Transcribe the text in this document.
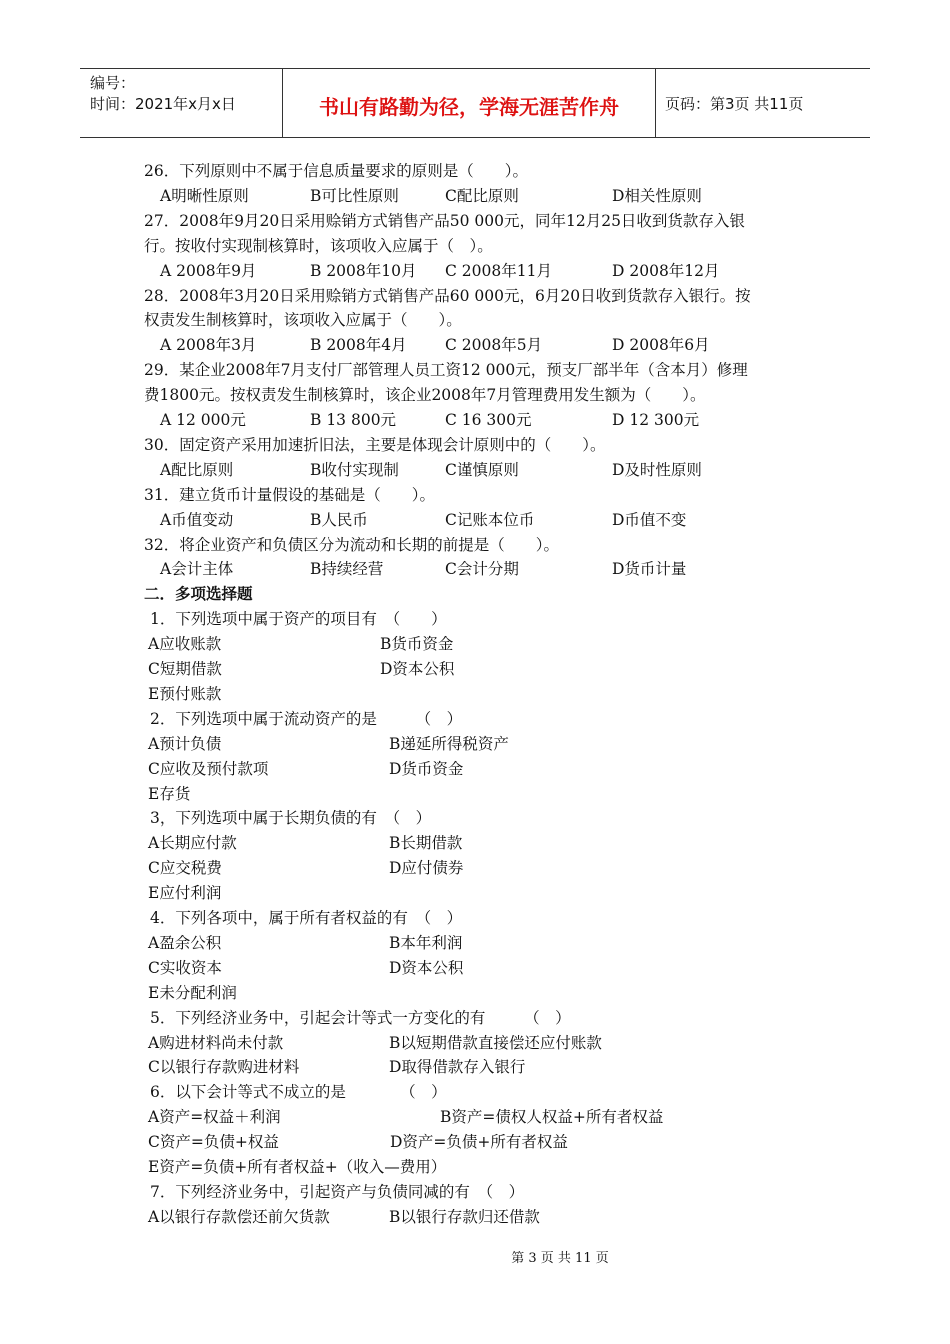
编号：
时间：2021年x月x日	书山有路勤为径，学海无涯苦作舟	页码：第3页 共11页
26．下列原则中不属于信息质量要求的原则是（　　）。
A明晰性原则	B可比性原则	C配比原则	D相关性原则
27．2008年9月20日采用赊销方式销售产品50 000元，同年12月25日收到货款存入银
行。按收付实现制核算时，该项收入应属于（　）。
A 2008年9月	B 2008年10月 C 2008年11月	D 2008年12月
28．2008年3月20日采用赊销方式销售产品60 000元，6月20日收到货款存入银行。按
权责发生制核算时，该项收入应属于（　　）。
A 2008年3月	B 2008年4月 C 2008年5月	D 2008年6月
29．某企业2008年7月支付厂部管理人员工资12 000元，预支厂部半年（含本月）修理
费1800元。按权责发生制核算时，该企业2008年7月管理费用发生额为（　　）。
A 12 000元	B 13 800元	C 16 300元	D 12 300元
30．固定资产采用加速折旧法，主要是体现会计原则中的（　　）。
A配比原则	B收付实现制	C谨慎原则	D及时性原则
31．建立货币计量假设的基础是（　　）。
A币值变动	B人民币	C记账本位币	D币值不变
32．将企业资产和负债区分为流动和长期的前提是（　　）。
A会计主体	B持续经营	C会计分期	D货币计量
二．多项选择题
1．下列选项中属于资产的项目有　（　　）
A应收账款	B货币资金
C短期借款	D资本公积
E预付账款
2．下列选项中属于流动资产的是　　　（　）
A预计负债	B递延所得税资产
C应收及预付款项	D货币资金
E存货
3，下列选项中属于长期负债的有　（　）
A长期应付款	B长期借款
C应交税费	D应付债券
E应付利润
4．下列各项中，属于所有者权益的有　（　）
A盈余公积	B本年利润
C实收资本	D资本公积
E未分配利润
5．下列经济业务中，引起会计等式一方变化的有　　　（　）
A购进材料尚未付款	B以短期借款直接偿还应付账款
C以银行存款购进材料	D取得借款存入银行
6．以下会计等式不成立的是　　　　（　）
A资产=权益＋利润	B资产=债权人权益+所有者权益
C资产=负债+权益	D资产=负债+所有者权益
E资产=负债+所有者权益+（收入—费用）
7．下列经济业务中，引起资产与负债同减的有　（　）
A以银行存款偿还前欠货款	B以银行存款归还借款
第 3 页 共 11 页
